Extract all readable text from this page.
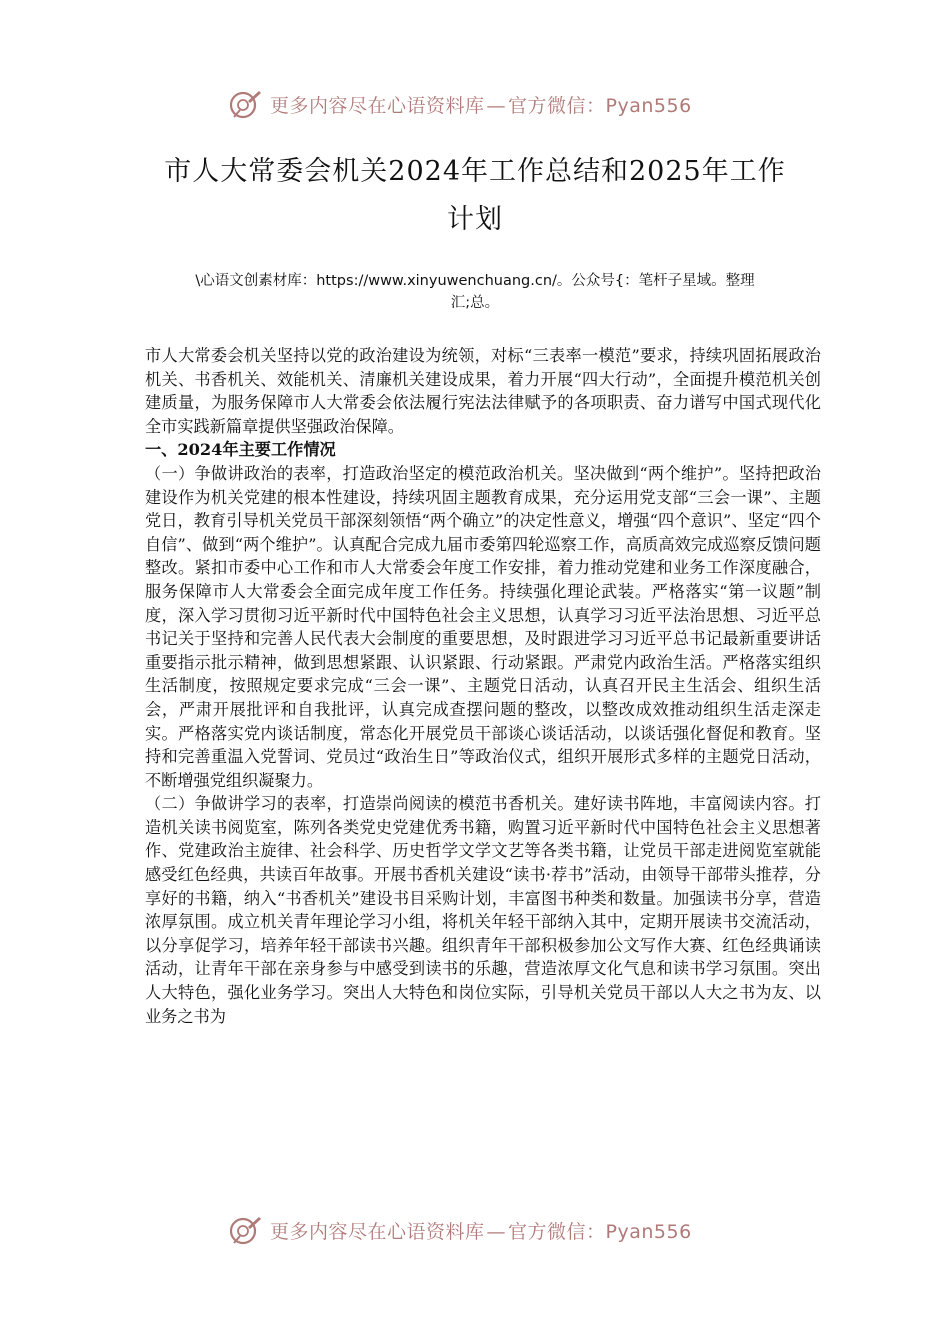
更多内容尽在心语资料库 — 官方微信：Pyan556
市人大常委会机关2024年工作总结和2025年工作
计划
\心语文创素材库：https://www.xinyuwenchuang.cn/。公众号{：笔杆子星域。整理
汇;总。

市人大常委会机关坚持以党的政治建设为统领，对标“三表率一模范”要求，持续巩固拓展政治机关、书香机关、效能机关、清廉机关建设成果，着力开展“四大行动”，全面提升模范机关创建质量，为服务保障市人大常委会依法履行宪法法律赋予的各项职责、奋力谱写中国式现代化全市实践新篇章提供坚强政治保障。

一、2024年主要工作情况

（一）争做讲政治的表率，打造政治坚定的模范政治机关。坚决做到“两个维护”。坚持把政治建设作为机关党建的根本性建设，持续巩固主题教育成果，充分运用党支部“三会一课”、主题党日，教育引导机关党员干部深刻领悟“两个确立”的决定性意义，增强“四个意识”、坚定“四个自信”、做到“两个维护”。认真配合完成九届市委第四轮巡察工作，高质高效完成巡察反馈问题整改。紧扣市委中心工作和市人大常委会年度工作安排，着力推动党建和业务工作深度融合，服务保障市人大常委会全面完成年度工作任务。持续强化理论武装。严格落实“第一议题”制度，深入学习贯彻习近平新时代中国特色社会主义思想，认真学习习近平法治思想、习近平总书记关于坚持和完善人民代表大会制度的重要思想，及时跟进学习习近平总书记最新重要讲话重要指示批示精神，做到思想紧跟、认识紧跟、行动紧跟。严肃党内政治生活。严格落实组织生活制度，按照规定要求完成“三会一课”、主题党日活动，认真召开民主生活会、组织生活会，严肃开展批评和自我批评，认真完成查摆问题的整改，以整改成效推动组织生活走深走实。严格落实党内谈话制度，常态化开展党员干部谈心谈话活动，以谈话强化督促和教育。坚持和完善重温入党誓词、党员过“政治生日”等政治仪式，组织开展形式多样的主题党日活动，不断增强党组织凝聚力。

（二）争做讲学习的表率，打造崇尚阅读的模范书香机关。建好读书阵地，丰富阅读内容。打造机关读书阅览室，陈列各类党史党建优秀书籍，购置习近平新时代中国特色社会主义思想著作、党建政治主旋律、社会科学、历史哲学文学文艺等各类书籍，让党员干部走进阅览室就能感受红色经典，共读百年故事。开展书香机关建设“读书·荐书”活动，由领导干部带头推荐，分享好的书籍，纳入“书香机关”建设书目采购计划，丰富图书种类和数量。加强读书分享，营造浓厚氛围。成立机关青年理论学习小组，将机关年轻干部纳入其中，定期开展读书交流活动，以分享促学习，培养年轻干部读书兴趣。组织青年干部积极参加公文写作大赛、红色经典诵读活动，让青年干部在亲身参与中感受到读书的乐趣，营造浓厚文化气息和读书学习氛围。突出人大特色，强化业务学习。突出人大特色和岗位实际，引导机关党员干部以人大之书为友、以业务之书为

更多内容尽在心语资料库 — 官方微信：Pyan556
